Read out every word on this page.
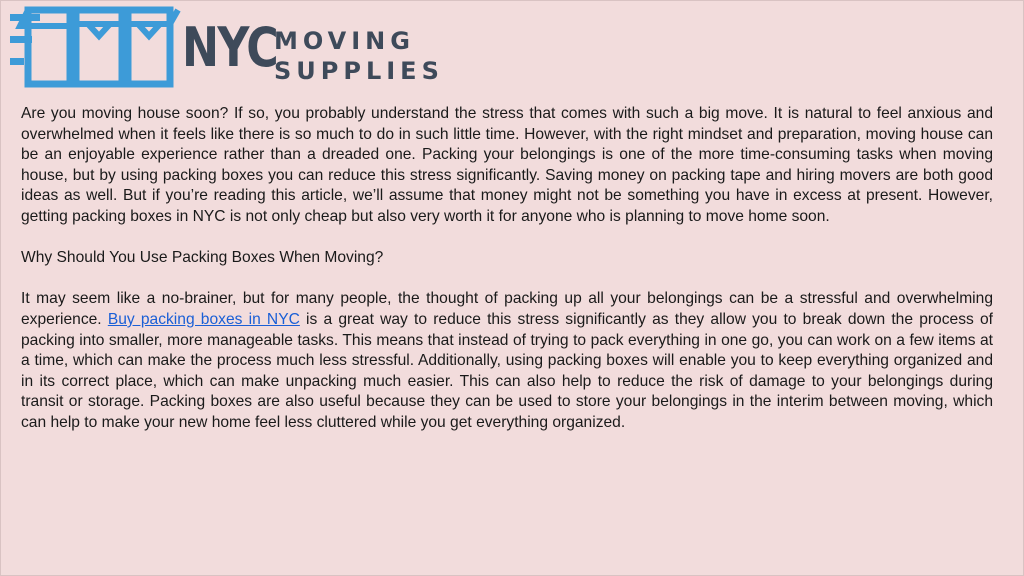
NYC
MOVING
SUPPLIES

Are you moving house soon? If so, you probably understand the stress that comes with such a big move. It is natural to feel anxious and overwhelmed when it feels like there is so much to do in such little time. However, with the right mindset and preparation, moving house can be an enjoyable experience rather than a dreaded one. Packing your belongings is one of the more time-consuming tasks when moving house, but by using packing boxes you can reduce this stress significantly. Saving money on packing tape and hiring movers are both good ideas as well. But if you’re reading this article, we’ll assume that money might not be something you have in excess at present. However, getting packing boxes in NYC is not only cheap but also very worth it for anyone who is planning to move home soon.

Why Should You Use Packing Boxes When Moving?

It may seem like a no-brainer, but for many people, the thought of packing up all your belongings can be a stressful and overwhelming experience. Buy packing boxes in NYC is a great way to reduce this stress significantly as they allow you to break down the process of packing into smaller, more manageable tasks. This means that instead of trying to pack everything in one go, you can work on a few items at a time, which can make the process much less stressful. Additionally, using packing boxes will enable you to keep everything organized and in its correct place, which can make unpacking much easier. This can also help to reduce the risk of damage to your belongings during transit or storage. Packing boxes are also useful because they can be used to store your belongings in the interim between moving, which can help to make your new home feel less cluttered while you get everything organized.
